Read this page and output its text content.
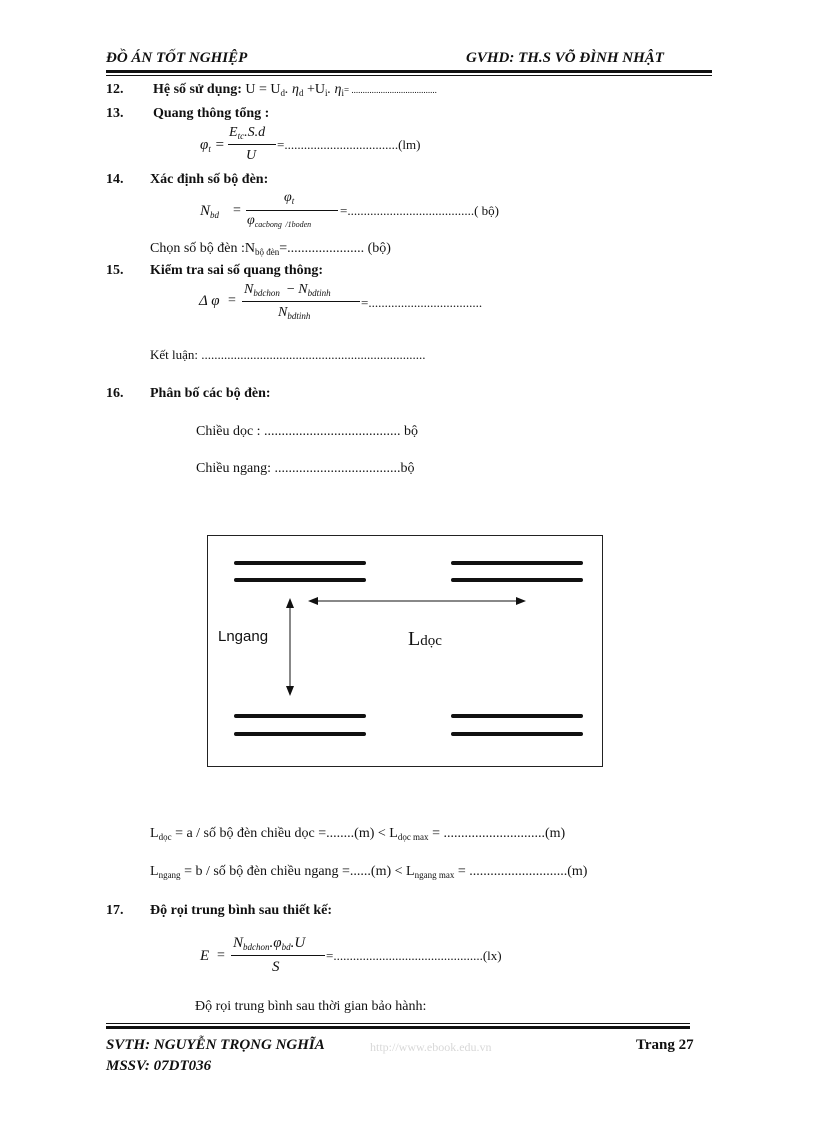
ĐỒ ÁN TỐT NGHIỆP	GVHD: TH.S VÕ ĐÌNH NHẬT
12. Hệ số sử dụng: $U = U_d$. $\eta_d +U_i$. $\eta_i=$ ......................................
13. Quang thông tổng :
$\varphi_t$ =
$E_{tc}.S.d$
U
=...................................(lm)
14. Xác định số bộ đèn:
$N_{bd}$ =
$\varphi_t$
$\varphi_{cacbong}$ $_{/1boden}$
=.......................................( bộ)
Chọn số bộ đèn $:N_{bộ đèn}=$...................... (bộ)
15. Kiểm tra sai số quang thông:
Δ φ =
$N_{bdchon} - N_{bdtinh}$
$N_{bdtinh}$
=...................................
Kết luận: .....................................................................
16. Phân bố các bộ đèn:
Chiều dọc : ....................................... bộ
Chiều ngang: ....................................bộ
Lngang	Ldọc
$L_{dọc} = a$ / số bộ đèn chiều dọc $=........(m) < L_{dọc max} = .............................(m)$
$L_{ngang} = b$ / số bộ đèn chiều ngang $=......(m) < L_{ngang max} = ............................(m)$
17. Độ rọi trung bình sau thiết kế:
E =
$N_{bdchon}.\varphi_{bd}.U$
S
=..............................................(lx)
Độ rọi trung bình sau thời gian bảo hành:
SVTH: NGUYỄN TRỌNG NGHĨA	http://www.ebook.edu.vn	Trang 27
MSSV: 07DT036
